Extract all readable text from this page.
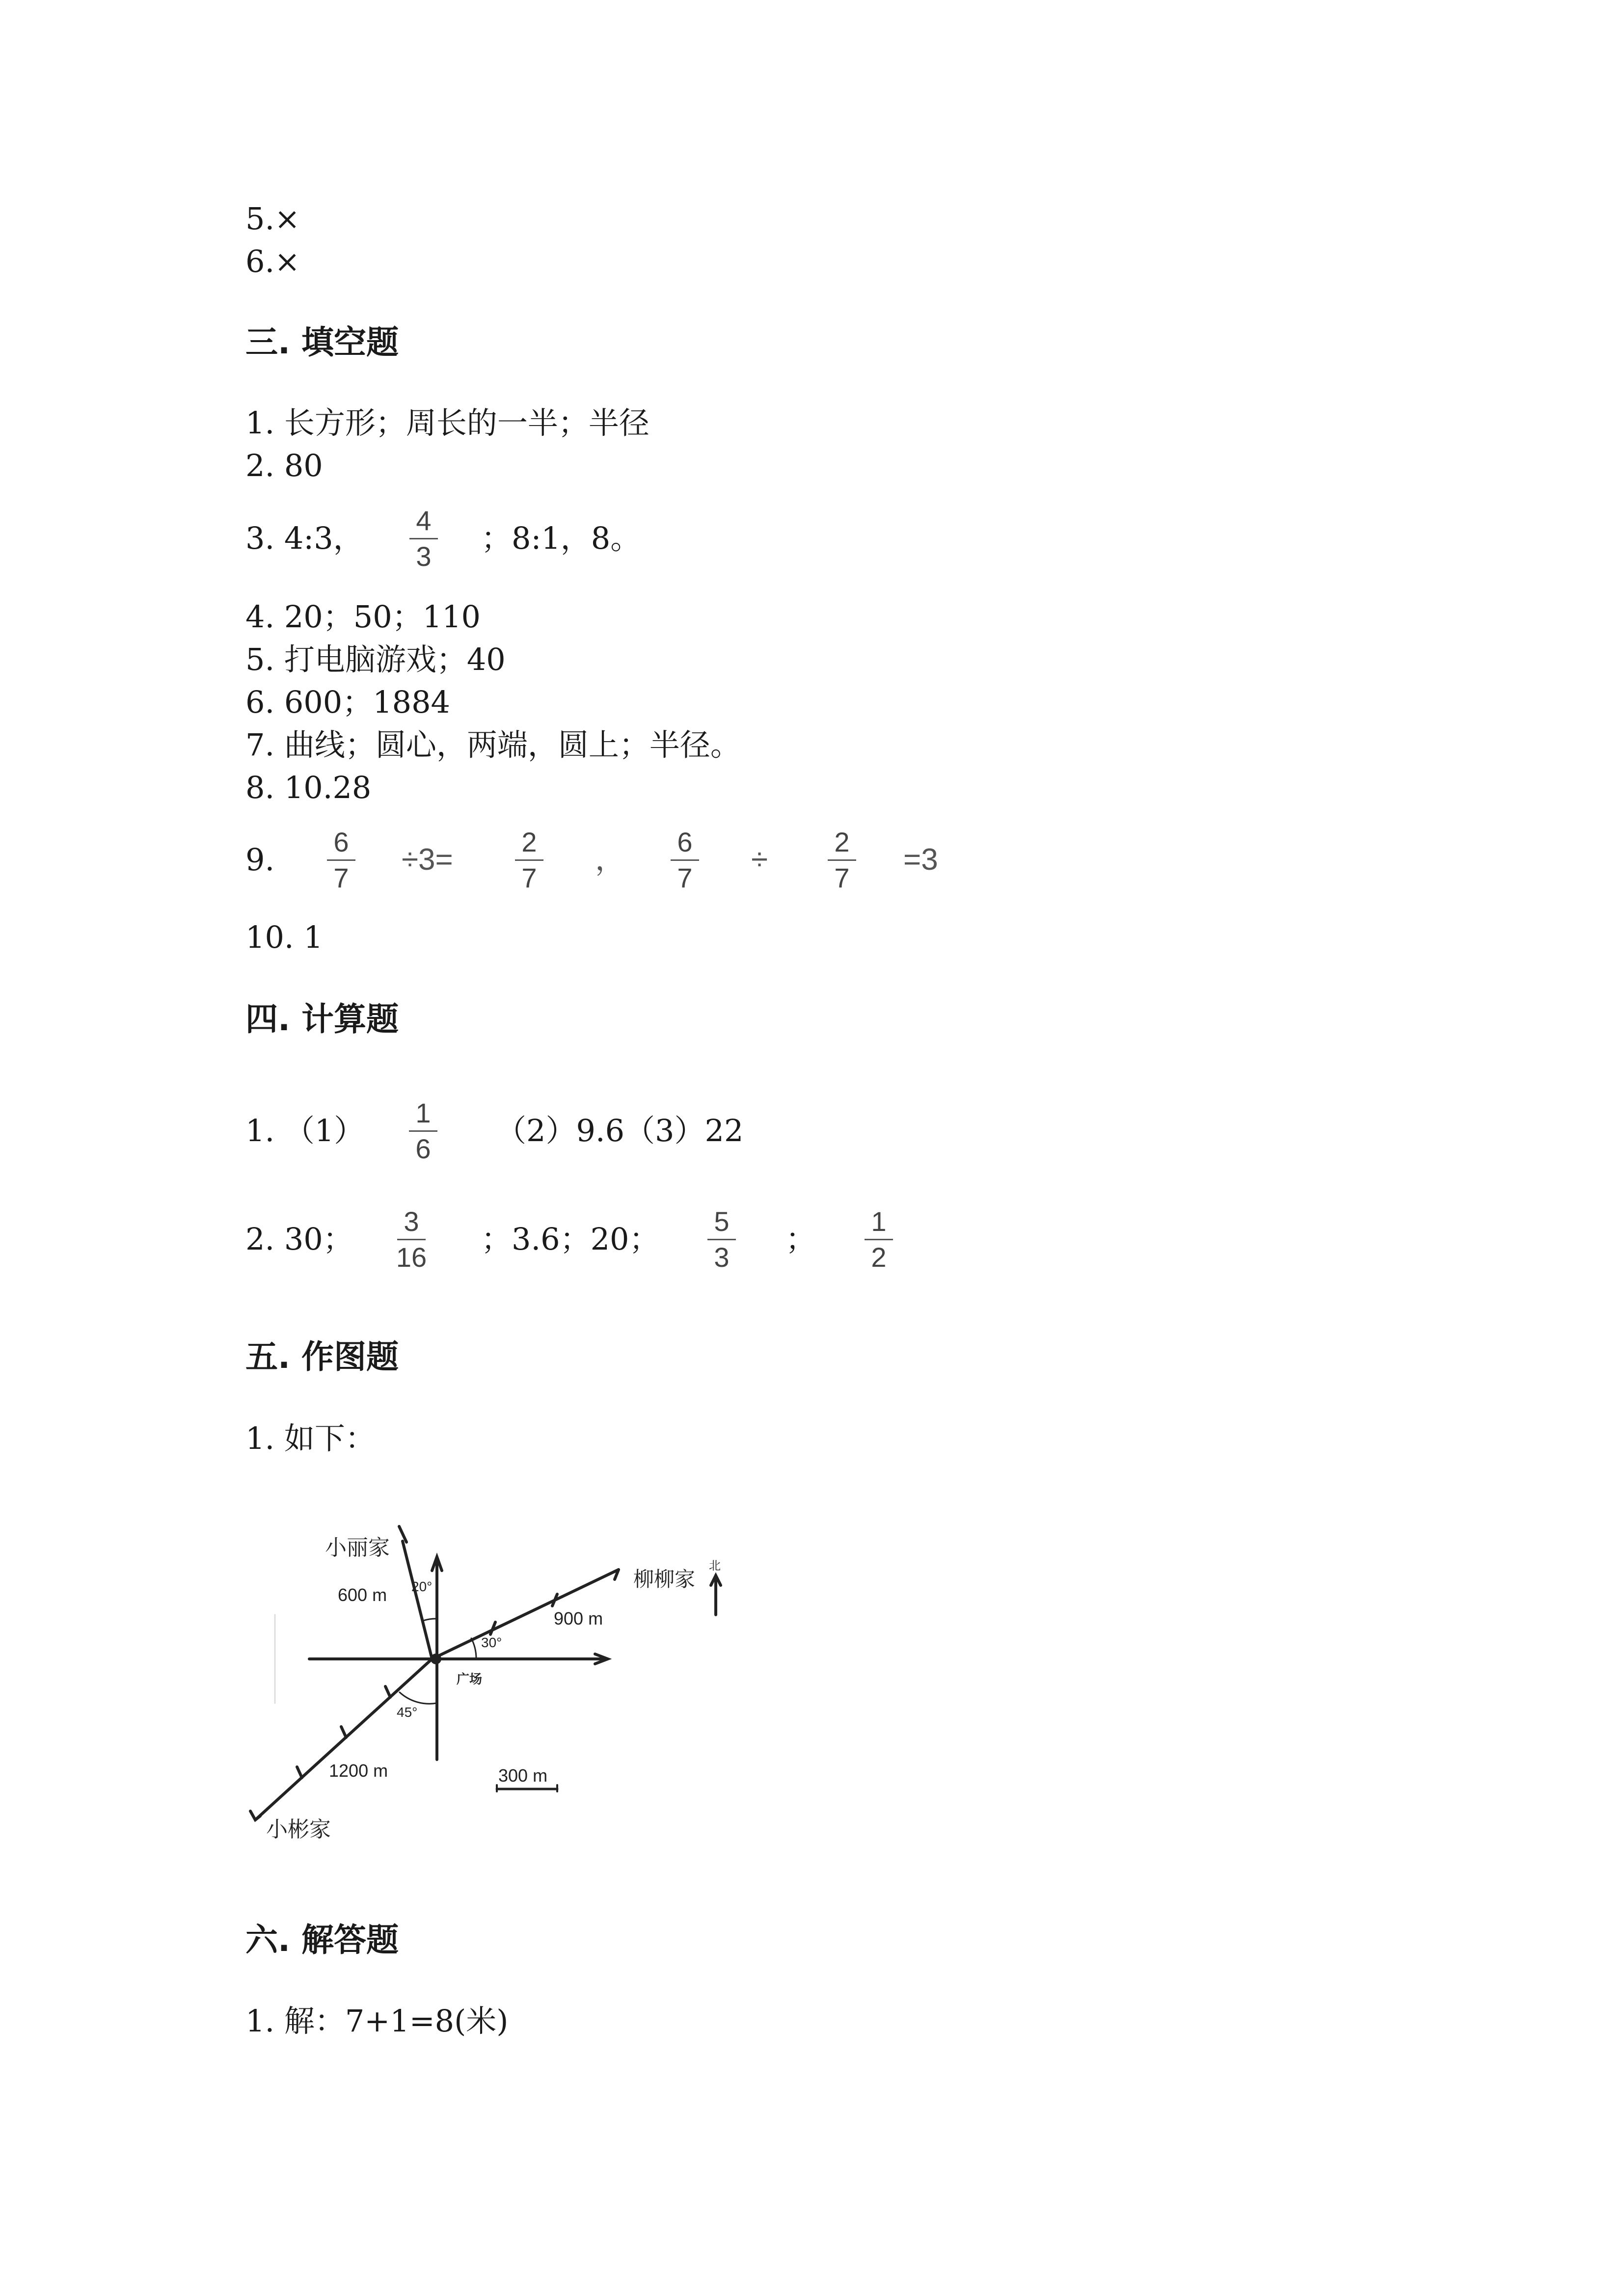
5.×
6.×
三. 填空题
1. 长方形；周长的一半；半径
2. 80
3. 4:3， 4
3 ；8:1，8。
4. 20；50；110
5. 打电脑游戏；40
6. 600；1884
7. 曲线；圆心，两端，圆上；半径。
8. 10.28
9. 6
7
÷3=
2
7
，
6
7
÷
2
7
=3
10. 1
四. 计算题
1. （1） 1
6 （2）9.6（3）22
2. 30； 3
16 ；3.6；20； 5
3 ； 1
2
五. 作图题
1. 如下：
小丽家
柳柳家
小彬家
广场
北
600 m
900 m
1200 m
20°
30°
45°
300 m
六. 解答题
1. 解：7+1=8(米)
